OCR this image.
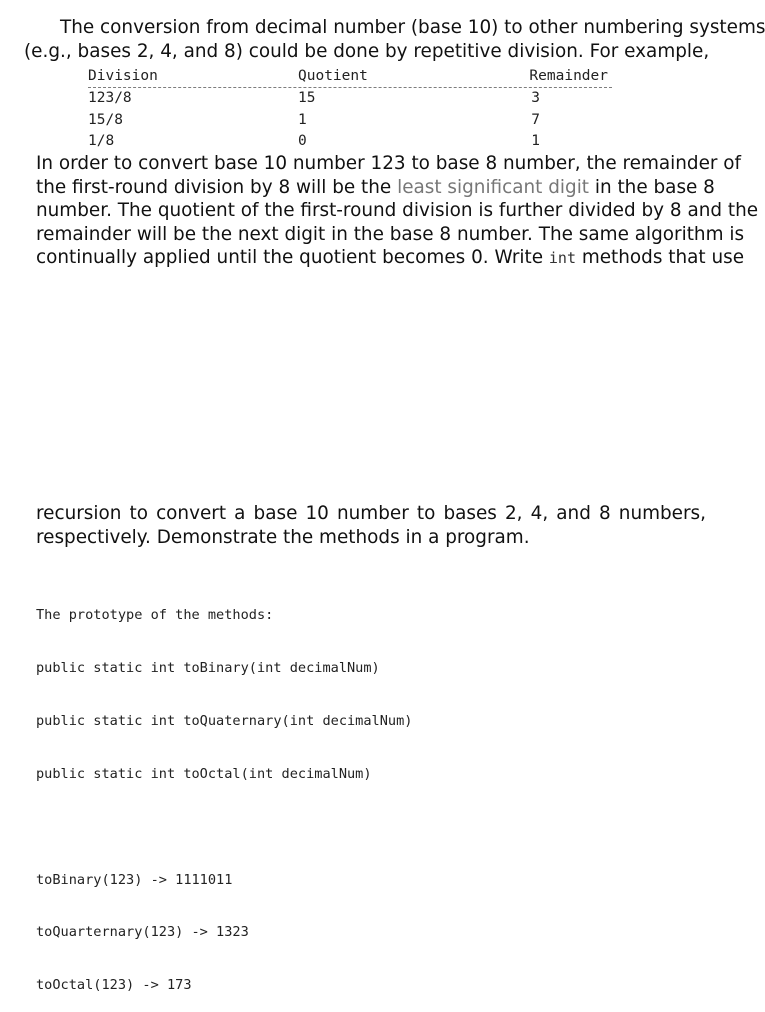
The conversion from decimal number (base 10) to other numbering systems
(e.g., bases 2, 4, and 8) could be done by repetitive division. For example,
Division	Quotient	Remainder
123/8	15	3
15/8	1	7
1/8	0	1
In order to convert base 10 number 123 to base 8 number, the remainder of
the first-round division by 8 will be the least significant digit in the base 8
number. The quotient of the first-round division is further divided by 8 and the
remainder will be the next digit in the base 8 number. The same algorithm is
continually applied until the quotient becomes 0. Write int methods that use
recursion to convert a base 10 number to bases 2, 4, and 8 numbers,
respectively. Demonstrate the methods in a program.

The prototype of the methods:

public static int toBinary(int decimalNum)

public static int toQuaternary(int decimalNum)

public static int toOctal(int decimalNum)

toBinary(123) -> 1111011

toQuarternary(123) -> 1323

toOctal(123) -> 173
